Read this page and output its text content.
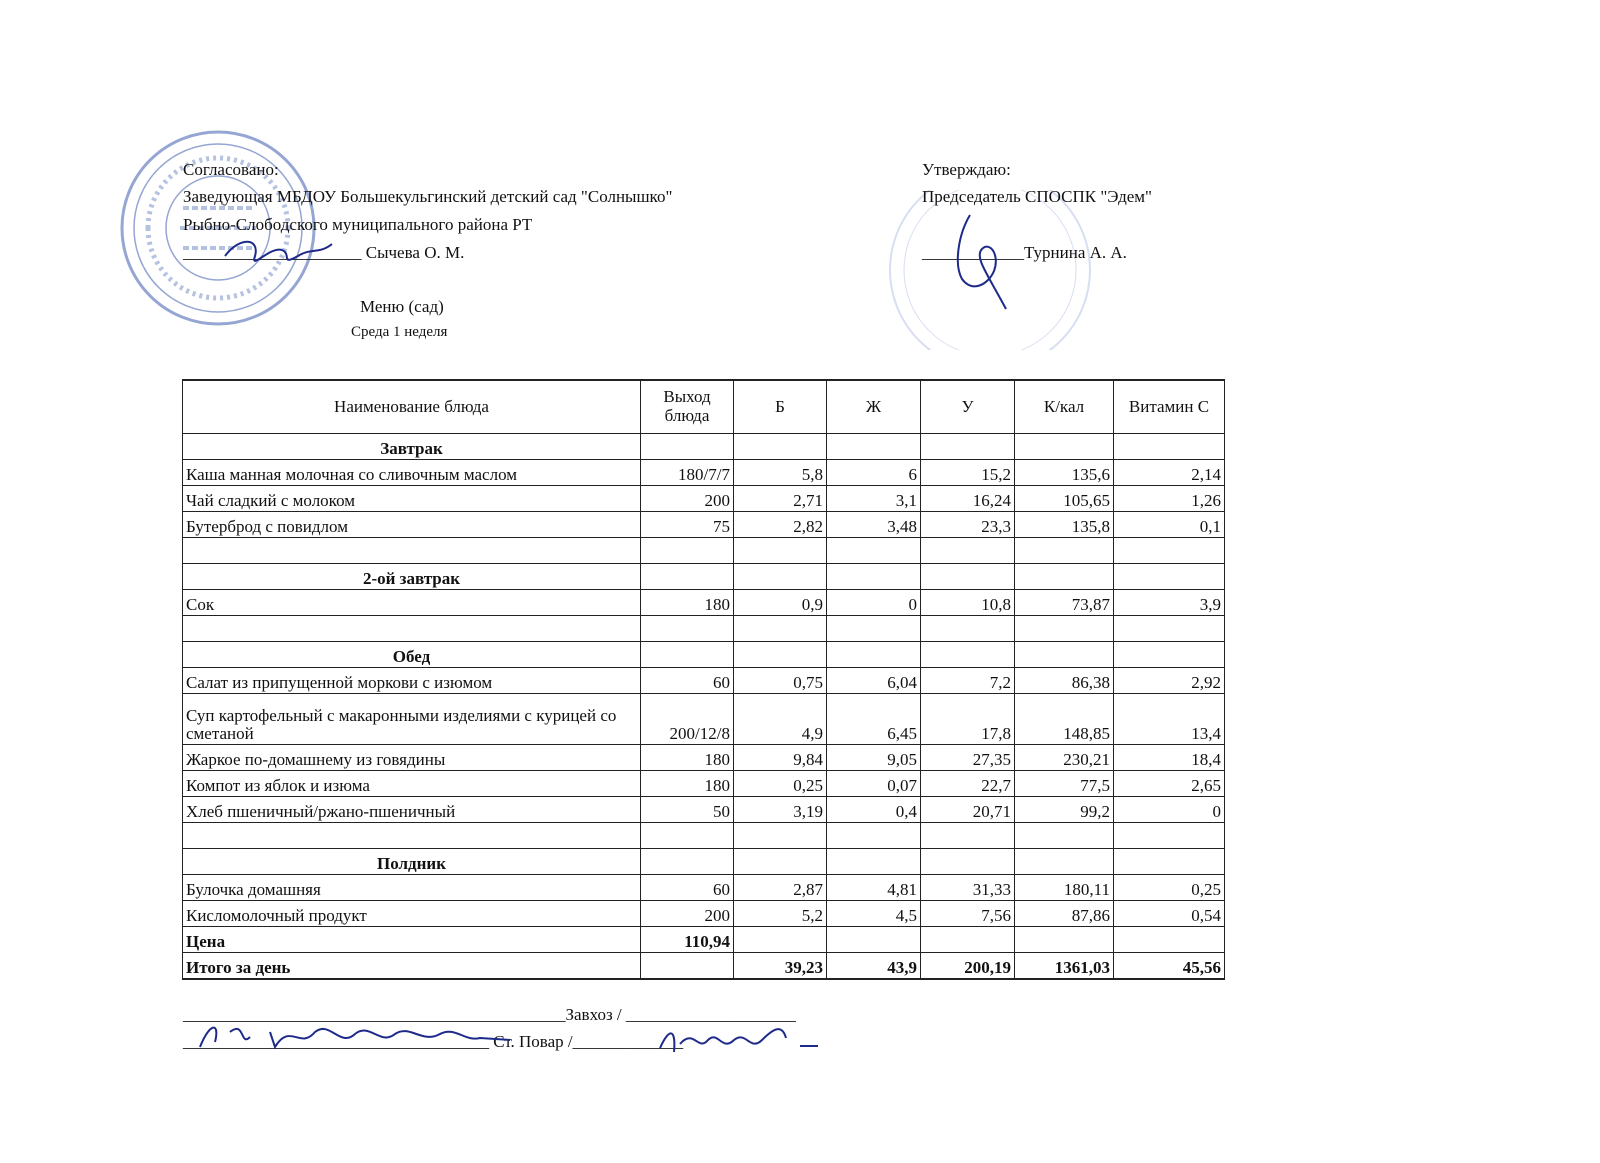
Согласовано:
Заведующая МБДОУ Большекульгинский детский сад "Солнышко"
Рыбно-Слободского муниципального района РТ
_____________________ Сычева О. М.
Утверждаю:
Председатель СПОСПК "Эдем"
____________Турнина А. А.
Меню (сад)
Среда 1 неделя
Наименование блюда	Выход блюда	Б	Ж	У	К/кал	Витамин С
Завтрак						
Каша манная молочная со сливочным маслом	180/7/7	5,8	6	15,2	135,6	2,14
Чай сладкий с молоком	200	2,71	3,1	16,24	105,65	1,26
Бутерброд с повидлом	75	2,82	3,48	23,3	135,8	0,1

2-ой завтрак						
Сок	180	0,9	0	10,8	73,87	3,9

Обед						
Салат из припущенной моркови с изюмом	60	0,75	6,04	7,2	86,38	2,92
Суп картофельный с макаронными изделиями с курицей со сметаной	200/12/8	4,9	6,45	17,8	148,85	13,4
Жаркое по-домашнему из говядины	180	9,84	9,05	27,35	230,21	18,4
Компот из яблок и изюма	180	0,25	0,07	22,7	77,5	2,65
Хлеб пшеничный/ржано-пшеничный	50	3,19	0,4	20,71	99,2	0

Полдник						
Булочка домашняя	60	2,87	4,81	31,33	180,11	0,25
Кисломолочный продукт	200	5,2	4,5	7,56	87,86	0,54
Цена	110,94					
Итого за день		39,23	43,9	200,19	1361,03	45,56
_____________________________________________Завхоз / ____________________
____________________________________ Ст. Повар /_____________
